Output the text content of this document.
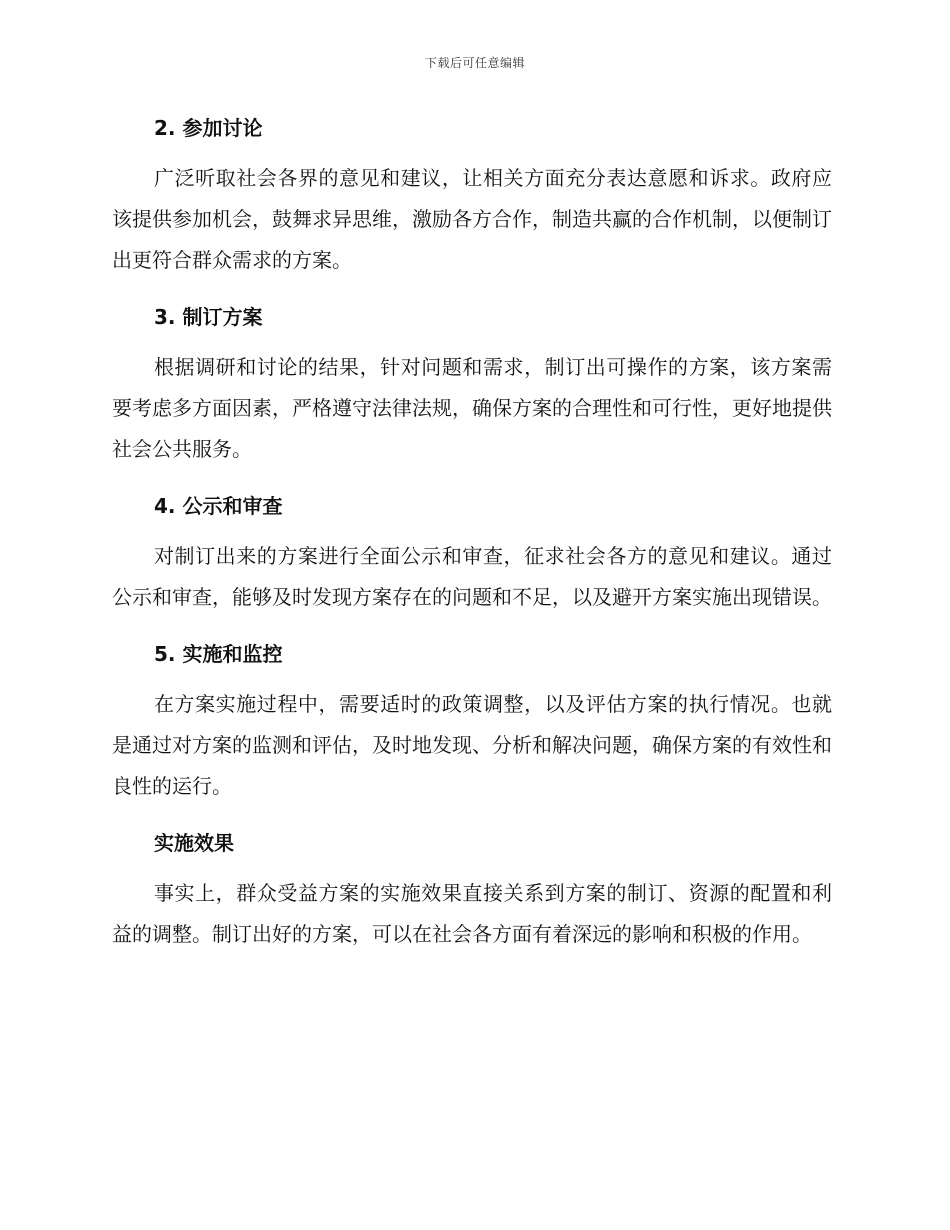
下载后可任意编辑
2. 参加讨论

广泛听取社会各界的意见和建议，让相关方面充分表达意愿和诉求。政府应该提供参加机会，鼓舞求异思维，激励各方合作，制造共赢的合作机制，以便制订出更符合群众需求的方案。

3. 制订方案

根据调研和讨论的结果，针对问题和需求，制订出可操作的方案，该方案需要考虑多方面因素，严格遵守法律法规，确保方案的合理性和可行性，更好地提供社会公共服务。

4. 公示和审查

对制订出来的方案进行全面公示和审查，征求社会各方的意见和建议。通过公示和审查，能够及时发现方案存在的问题和不足，以及避开方案实施出现错误。

5. 实施和监控

在方案实施过程中，需要适时的政策调整，以及评估方案的执行情况。也就是通过对方案的监测和评估，及时地发现、分析和解决问题，确保方案的有效性和良性的运行。

实施效果

事实上，群众受益方案的实施效果直接关系到方案的制订、资源的配置和利益的调整。制订出好的方案，可以在社会各方面有着深远的影响和积极的作用。
